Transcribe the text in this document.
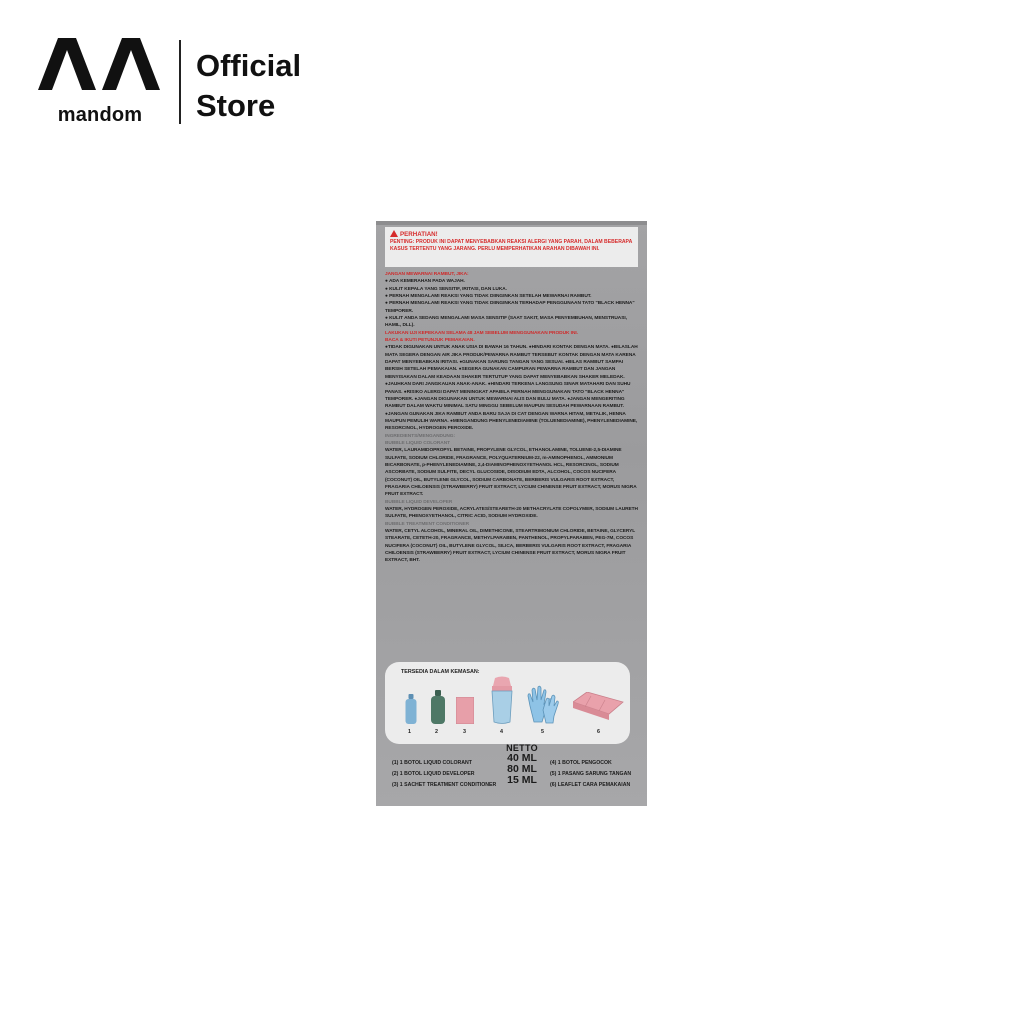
mandom
Official
Store
PERHATIAN!
PENTING: PRODUK INI DAPAT MENYEBABKAN REAKSI ALERGI YANG PARAH, DALAM BEBERAPA KASUS TERTENTU YANG JARANG. PERLU MEMPERHATIKAN ARAHAN DIBAWAH INI.

JANGAN MEWARNAI RAMBUT, JIKA:

● ADA KEMERAHAN PADA WAJAH.

● KULIT KEPALA YANG SENSITIF, IRITASI, DAN LUKA.

● PERNAH MENGALAMI REAKSI YANG TIDAK DIINGINKAN SETELAH MEWARNAI RAMBUT.

● PERNAH MENGALAMI REAKSI YANG TIDAK DIINGINKAN TERHADAP PENGGUNAAN TATO "BLACK HENNA" TEMPORER.

● KULIT ANDA SEDANG MENGALAMI MASA SENSITIF (SAAT SAKIT, MASA PENYEMBUHAN, MENSTRUASI, HAMIL, DLL).

LAKUKAN UJI KEPEKAAN SELAMA 48 JAM SEBELUM MENGGUNAKAN PRODUK INI.

BACA & IKUTI PETUNJUK PEMAKAIAN.

●TIDAK DIGUNAKAN UNTUK ANAK USIA DI BAWAH 16 TAHUN. ●HINDARI KONTAK DENGAN MATA. ●BILASLAH MATA SEGERA DENGAN AIR JIKA PRODUK/PEWARNA RAMBUT TERSEBUT KONTAK DENGAN MATA KARENA DAPAT MENYEBABKAN IRITASI. ●GUNAKAN SARUNG TANGAN YANG SESUAI. ●BILAS RAMBUT SAMPAI BERSIH SETELAH PEMAKAIAN. ●SEGERA GUNAKAN CAMPURAN PEWARNA RAMBUT DAN JANGAN MENYISAKAN DALAM KEADAAN SHAKER TERTUTUP YANG DAPAT MENYEBABKAN SHAKER MELEDAK. ●JAUHKAN DARI JANGKAUAN ANAK-ANAK. ●HINDARI TERKENA LANGSUNG SINAR MATAHARI DAN SUHU PANAS. ●RISIKO ALERGI DAPAT MENINGKAT APABILA PERNAH MENGGUNAKAN TATO "BLACK HENNA" TEMPORER. ●JANGAN DIGUNAKAN UNTUK MEWARNAI ALIS DAN BULU MATA. ●JANGAN MENGERITING RAMBUT DALAM WAKTU MINIMAL SATU MINGGU SEBELUM MAUPUN SESUDAH PEWARNAAN RAMBUT. ●JANGAN GUNAKAN JIKA RAMBUT ANDA BARU SAJA DI CAT DENGAN WARNA HITAM, METALIK, HENNA MAUPUN PEMULIH WARNA. ●MENGANDUNG PHENYLENEDIAMINE (TOLUENEDIAMINE), PHENYLENEDIAMINE, RESORCINOL, HYDROGEN PEROXIDE.

INGREDIENTS/MENGANDUNG:

BUBBLE LIQUID COLORANT

WATER, LAURAMIDOPROPYL BETAINE, PROPYLENE GLYCOL, ETHANOLAMINE, TOLUENE-2,5-DIAMINE SULFATE, SODIUM CHLORIDE, FRAGRANCE, POLYQUATERNIUM-22, m-AMINOPHENOL, AMMONIUM BICARBONATE, p-PHENYLENEDIAMINE, 2,4-DIAMINOPHENOXYETHANOL HCL, RESORCINOL, SODIUM ASCORBATE, SODIUM SULFITE, DECYL GLUCOSIDE, DISODIUM EDTA, ALCOHOL, COCOS NUCIFERA (COCONUT) OIL, BUTYLENE GLYCOL, SODIUM CARBONATE, BERBERIS VULGARIS ROOT EXTRACT, FRAGARIA CHILOENSIS (STRAWBERRY) FRUIT EXTRACT, LYCIUM CHINENSE FRUIT EXTRACT, MORUS NIGRA FRUIT EXTRACT.

BUBBLE LIQUID DEVELOPER

WATER, HYDROGEN PEROXIDE, ACRYLATES/STEARETH-20 METHACRYLATE COPOLYMER, SODIUM LAURETH SULFATE, PHENOXYETHANOL, CITRIC ACID, SODIUM HYDROXIDE.

BUBBLE TREATMENT CONDITIONER

WATER, CETYL ALCOHOL, MINERAL OIL, DIMETHICONE, STEARTRIMONIUM CHLORIDE, BETAINE, GLYCERYL STEARATE, CETETH-20, FRAGRANCE, METHYLPARABEN, PANTHENOL, PROPYLPARABEN, PEG-7M, COCOS NUCIFERA (COCONUT) OIL, BUTYLENE GLYCOL, SILICA, BERBERIS VULGARIS ROOT EXTRACT, FRAGARIA CHILOENSIS (STRAWBERRY) FRUIT EXTRACT, LYCIUM CHINENSE FRUIT EXTRACT, MORUS NIGRA FRUIT EXTRACT, BHT.

TERSEDIA DALAM KEMASAN:
1	2	3	4	5	6
NETTO
40 ML
80 ML
15 ML
(1) 1 BOTOL LIQUID COLORANT
(2) 1 BOTOL LIQUID DEVELOPER
(3) 1 SACHET TREATMENT CONDITIONER
(4) 1 BOTOL PENGOCOK
(5) 1 PASANG SARUNG TANGAN
(6) LEAFLET CARA PEMAKAIAN
